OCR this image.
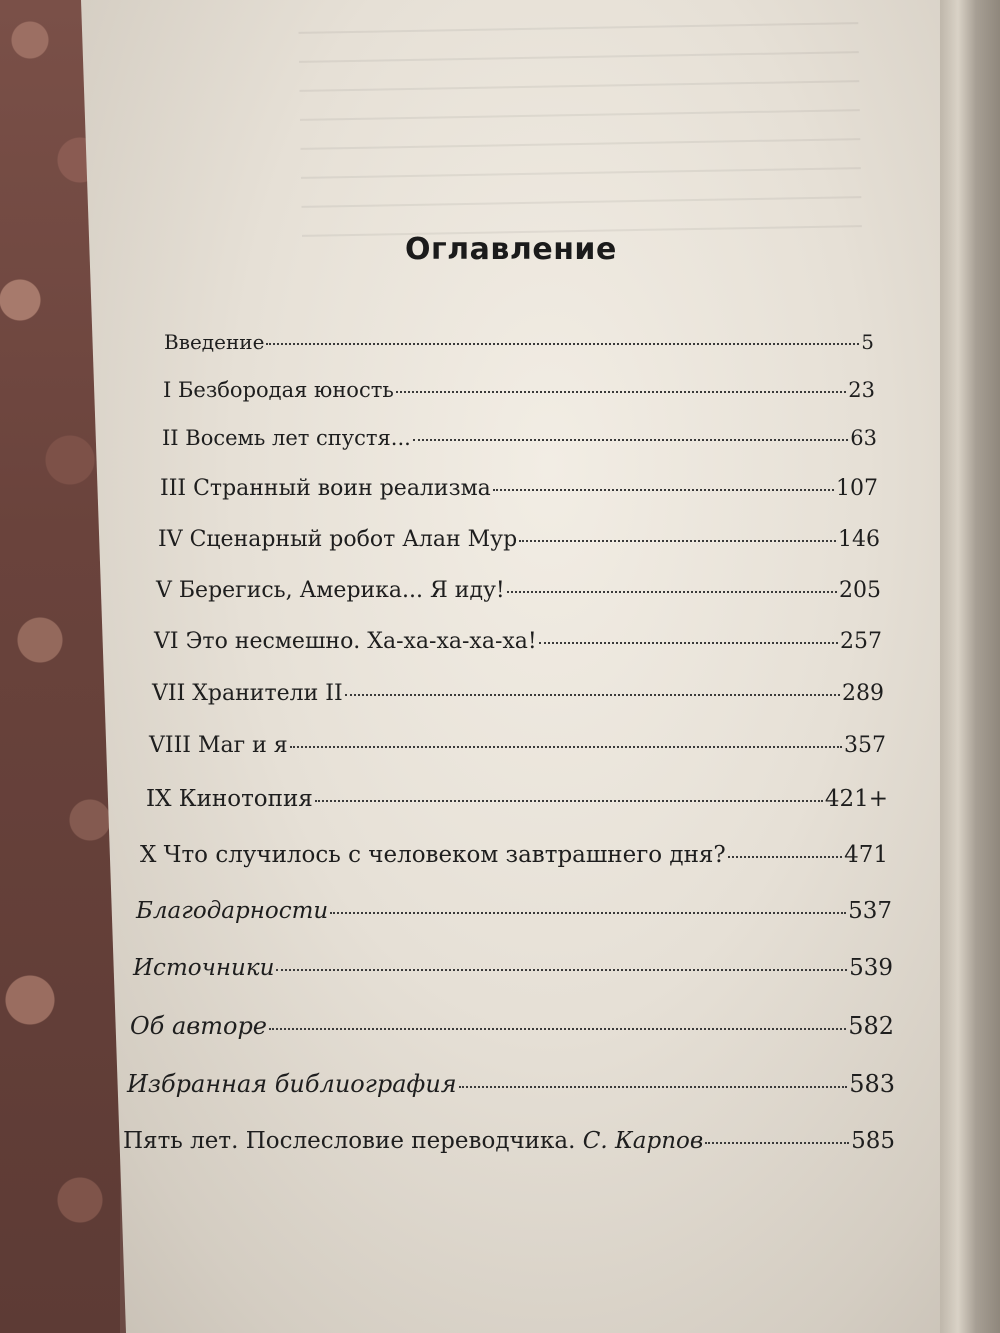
Оглавление
Введение	5
I Безбородая юность	23
II Восемь лет спустя...	63
III Странный воин реализма	107
IV Сценарный робот Алан Мур	146
V Берегись, Америка... Я иду!	205
VI Это несмешно. Ха-ха-ха-ха-ха!	257
VII Хранители II	289
VIII Маг и я	357
IX Кинотопия	421+
X Что случилось с человеком завтрашнего дня?	471
Благодарности	537
Источники	539
Об авторе	582
Избранная библиография	583
Пять лет. Послесловие переводчика. С. Карпов	585
